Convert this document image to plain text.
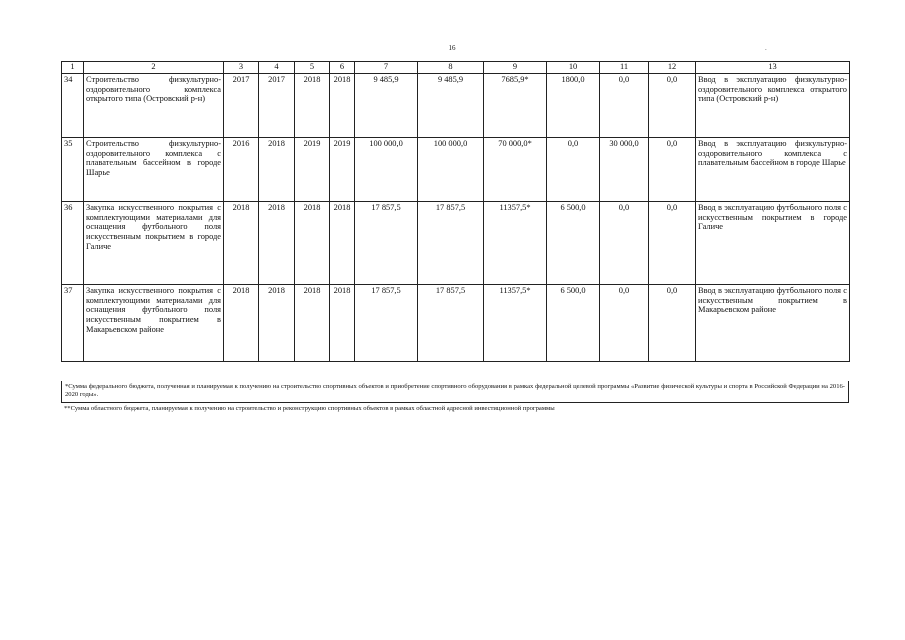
16	.
1	2	3	4	5	6	7	8	9	10	11	12	13
34	Строительство физкультурно-оздоровительного комплекса открытого типа (Островский р-н)	2017	2017	2018	2018	9 485,9	9 485,9	7685,9*	1800,0	0,0	0,0	Ввод в эксплуатацию физкультурно-оздоровительного комплекса открытого типа (Островский р-н)
35	Строительство физкультурно-оздоровительного комплекса с плавательным бассейном в городе Шарье	2016	2018	2019	2019	100 000,0	100 000,0	70 000,0*	0,0	30 000,0	0,0	Ввод в эксплуатацию физкультурно-оздоровительного комплекса с плавательным бассейном в городе Шарье
36	Закупка искусственного покрытия с комплектующими материалами для оснащения футбольного поля искусственным покрытием в городе Галиче	2018	2018	2018	2018	17 857,5	17 857,5	11357,5*	6 500,0	0,0	0,0	Ввод в эксплуатацию футбольного поля с искусственным покрытием в городе Галиче
37	Закупка искусственного покрытия с комплектующими материалами для оснащения футбольного поля искусственным покрытием в Макарьевском районе	2018	2018	2018	2018	17 857,5	17 857,5	11357,5*	6 500,0	0,0	0,0	Ввод в эксплуатацию футбольного поля с искусственным покрытием в Макарьевском районе
*Сумма федерального бюджета, полученная и планируемая к получению на строительство спортивных объектов и приобретение спортивного оборудования в рамках федеральной целевой программы «Развитие физической культуры и спорта в Российской Федерации на 2016-2020 годы».
**Сумма областного бюджета, планируемая к получению на строительство и реконструкцию спортивных объектов в рамках областной адресной инвестиционной программы
